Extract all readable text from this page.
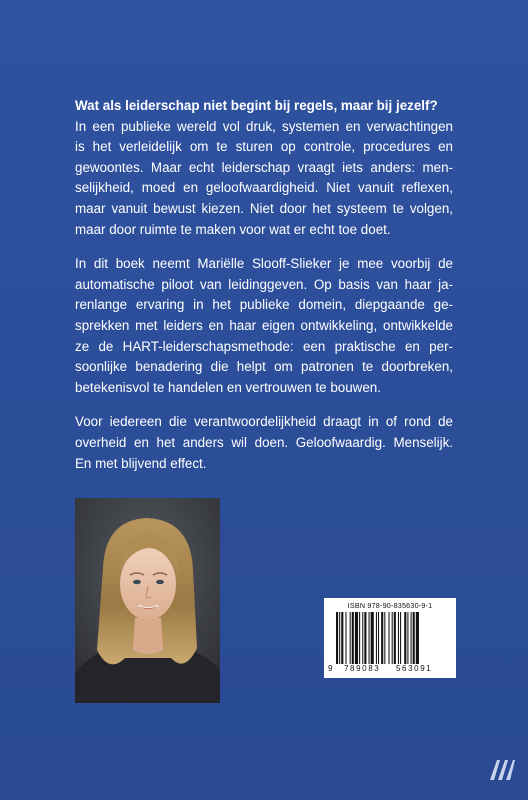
Wat als leiderschap niet begint bij regels, maar bij jezelf?
In een publieke wereld vol druk, systemen en verwachtingen
is het verleidelijk om te sturen op controle, procedures en
gewoontes. Maar echt leiderschap vraagt iets anders: men-
selijkheid, moed en geloofwaardigheid. Niet vanuit reflexen,
maar vanuit bewust kiezen. Niet door het systeem te volgen,
maar door ruimte te maken voor wat er echt toe doet.

In dit boek neemt Mariëlle Slooff-Slieker je mee voorbij de
automatische piloot van leidinggeven. Op basis van haar ja-
renlange ervaring in het publieke domein, diepgaande ge-
sprekken met leiders en haar eigen ontwikkeling, ontwikkelde
ze de HART-leiderschapsmethode: een praktische en per-
soonlijke benadering die helpt om patronen te doorbreken,
betekenisvol te handelen en vertrouwen te bouwen.

Voor iedereen die verantwoordelijkheid draagt in of rond de
overheid en het anders wil doen. Geloofwaardig. Menselijk.
En met blijvend effect.

ISBN 978-90-835630-9-1
9 789083 563091
